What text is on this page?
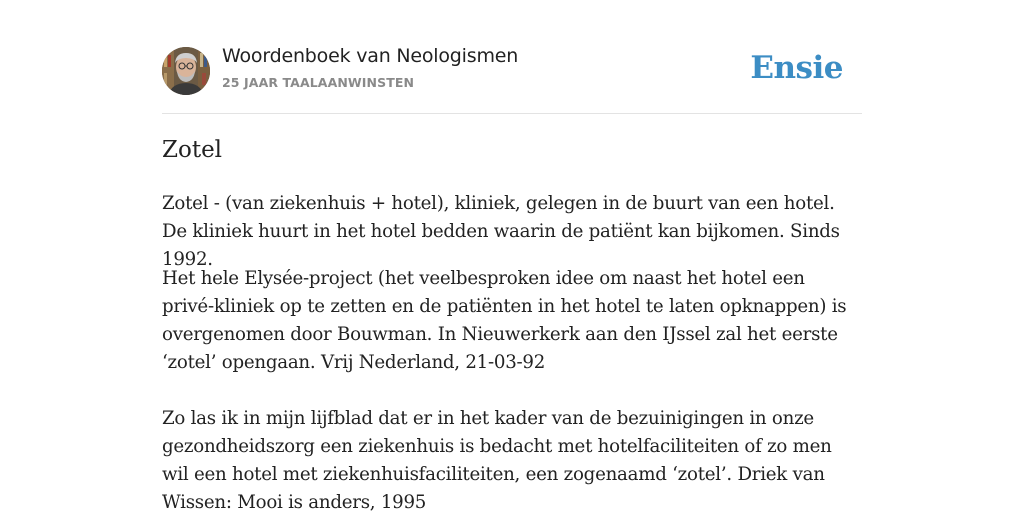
Woordenboek van Neologismen
25 JAAR TAALAANWINSTEN	Ensie
Zotel

Zotel - (van ziekenhuis + hotel), kliniek, gelegen in de buurt van een hotel. De kliniek huurt in het hotel bedden waarin de patiënt kan bijkomen. Sinds 1992.

Het hele Elysée-project (het veelbesproken idee om naast het hotel een privé-kliniek op te zetten en de patiënten in het hotel te laten opknappen) is overgenomen door Bouwman. In Nieuwerkerk aan den IJssel zal het eerste ‘zotel’ opengaan. Vrij Nederland, 21-03-92

Zo las ik in mijn lijfblad dat er in het kader van de bezuinigingen in onze gezondheidszorg een ziekenhuis is bedacht met hotelfaciliteiten of zo men wil een hotel met ziekenhuisfaciliteiten, een zogenaamd ‘zotel’. Driek van Wissen: Mooi is anders, 1995
